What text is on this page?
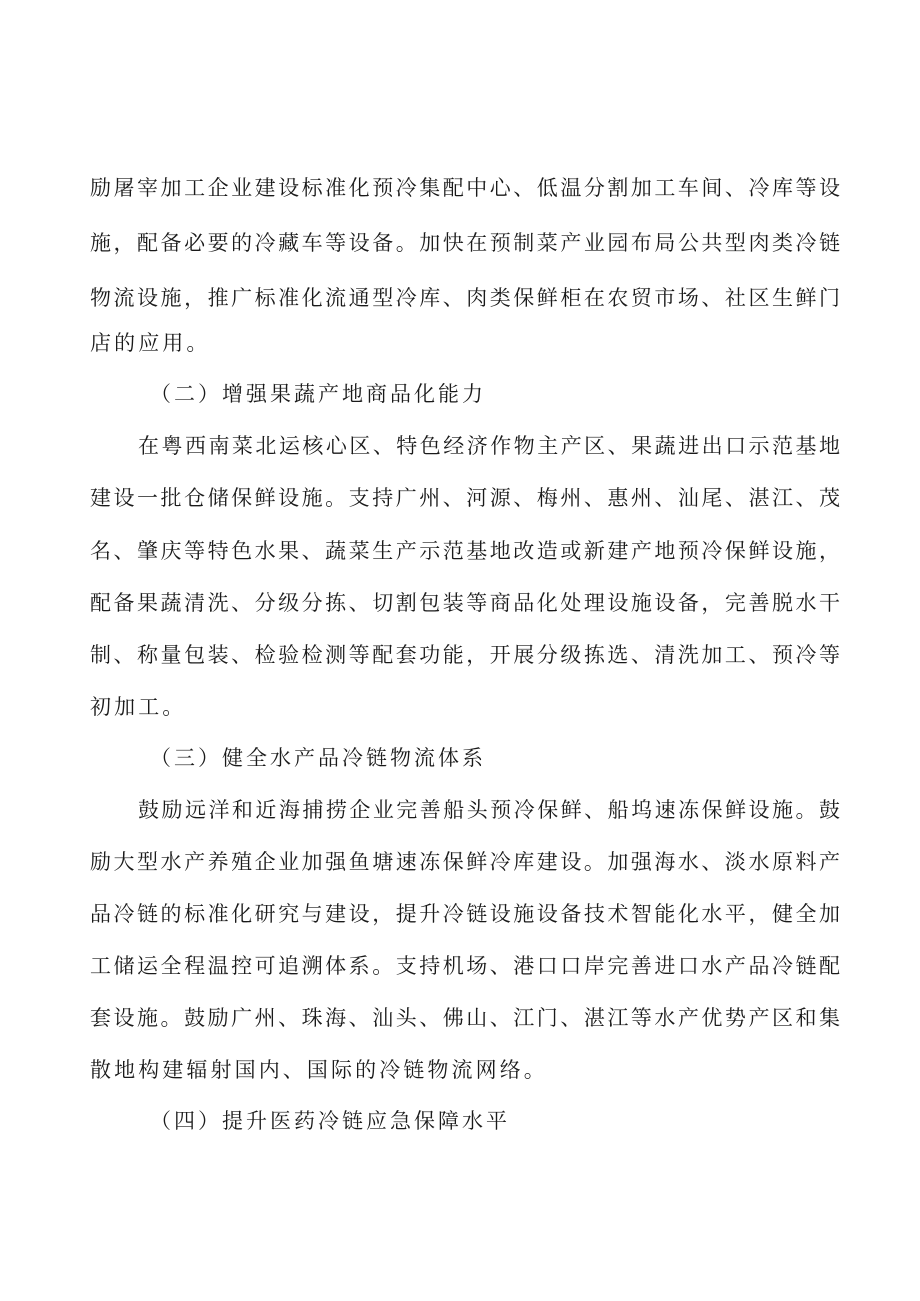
励屠宰加工企业建设标准化预冷集配中心、低温分割加工车间、冷库等设
施，配备必要的冷藏车等设备。加快在预制菜产业园布局公共型肉类冷链
物流设施，推广标准化流通型冷库、肉类保鲜柜在农贸市场、社区生鲜门
店的应用。
（二）增强果蔬产地商品化能力
在粤西南菜北运核心区、特色经济作物主产区、果蔬进出口示范基地
建设一批仓储保鲜设施。支持广州、河源、梅州、惠州、汕尾、湛江、茂
名、肇庆等特色水果、蔬菜生产示范基地改造或新建产地预冷保鲜设施，
配备果蔬清洗、分级分拣、切割包装等商品化处理设施设备，完善脱水干
制、称量包装、检验检测等配套功能，开展分级拣选、清洗加工、预冷等
初加工。
（三）健全水产品冷链物流体系
鼓励远洋和近海捕捞企业完善船头预冷保鲜、船坞速冻保鲜设施。鼓
励大型水产养殖企业加强鱼塘速冻保鲜冷库建设。加强海水、淡水原料产
品冷链的标准化研究与建设，提升冷链设施设备技术智能化水平，健全加
工储运全程温控可追溯体系。支持机场、港口口岸完善进口水产品冷链配
套设施。鼓励广州、珠海、汕头、佛山、江门、湛江等水产优势产区和集
散地构建辐射国内、国际的冷链物流网络。
（四）提升医药冷链应急保障水平
